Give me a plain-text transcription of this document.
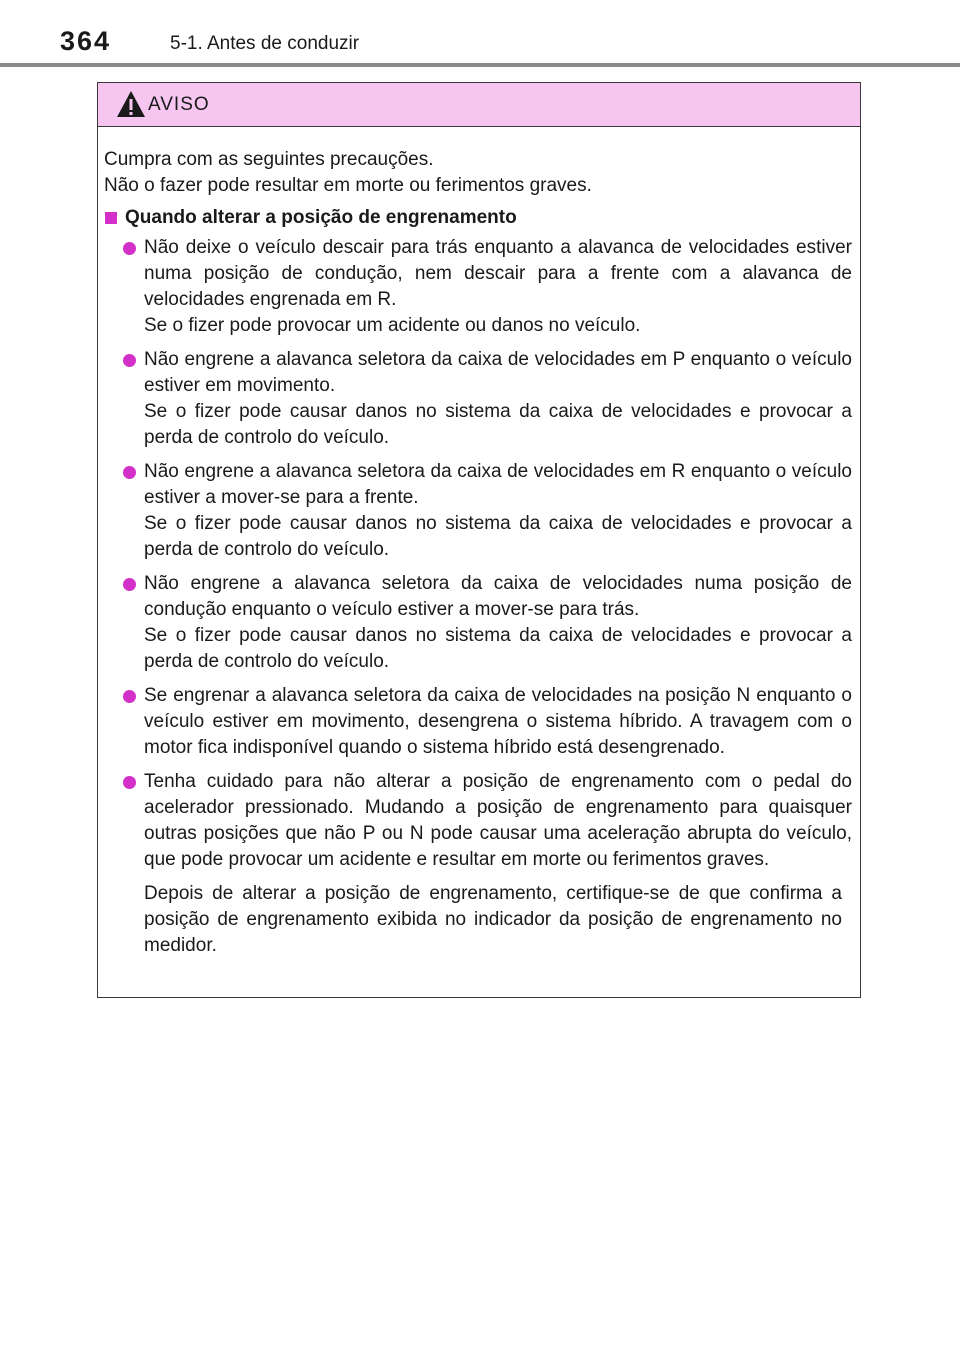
364	5-1. Antes de conduzir
AVISO

Cumpra com as seguintes precauções.

Não o fazer pode resultar em morte ou ferimentos graves.

Quando alterar a posição de engrenamento
Não deixe o veículo descair para trás enquanto a alavanca de velocidades estiver numa posição de condução, nem descair para a frente com a alavanca de velocidades engrenada em R.
Se o fizer pode provocar um acidente ou danos no veículo.
Não engrene a alavanca seletora da caixa de velocidades em P enquanto o veículo estiver em movimento.
Se o fizer pode causar danos no sistema da caixa de velocidades e provocar a perda de controlo do veículo.
Não engrene a alavanca seletora da caixa de velocidades em R enquanto o veículo estiver a mover-se para a frente.
Se o fizer pode causar danos no sistema da caixa de velocidades e provocar a perda de controlo do veículo.
Não engrene a alavanca seletora da caixa de velocidades numa posição de condução enquanto o veículo estiver a mover-se para trás.
Se o fizer pode causar danos no sistema da caixa de velocidades e provocar a perda de controlo do veículo.
Se engrenar a alavanca seletora da caixa de velocidades na posição N enquanto o veículo estiver em movimento, desengrena o sistema híbrido. A travagem com o motor fica indisponível quando o sistema híbrido está desengrenado.
Tenha cuidado para não alterar a posição de engrenamento com o pedal do acelerador pressionado. Mudando a posição de engrenamento para quaisquer outras posições que não P ou N pode causar uma aceleração abrupta do veículo, que pode provocar um acidente e resultar em morte ou ferimentos graves.
Depois de alterar a posição de engrenamento, certifique-se de que confirma a posição de engrenamento exibida no indicador da posição de engrenamento no medidor.
